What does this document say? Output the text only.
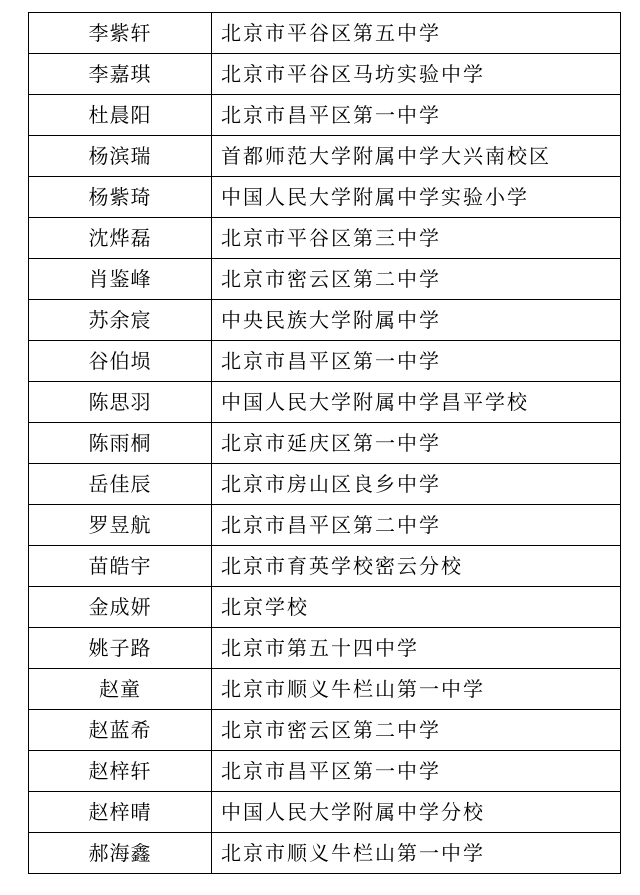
李紫轩	北京市平谷区第五中学
李嘉琪	北京市平谷区马坊实验中学
杜晨阳	北京市昌平区第一中学
杨滨瑞	首都师范大学附属中学大兴南校区
杨紫琦	中国人民大学附属中学实验小学
沈烨磊	北京市平谷区第三中学
肖鉴峰	北京市密云区第二中学
苏余宸	中央民族大学附属中学
谷伯埙	北京市昌平区第一中学
陈思羽	中国人民大学附属中学昌平学校
陈雨桐	北京市延庆区第一中学
岳佳辰	北京市房山区良乡中学
罗昱航	北京市昌平区第二中学
苗皓宇	北京市育英学校密云分校
金成妍	北京学校
姚子路	北京市第五十四中学
赵童	北京市顺义牛栏山第一中学
赵蓝希	北京市密云区第二中学
赵梓轩	北京市昌平区第一中学
赵梓晴	中国人民大学附属中学分校
郝海鑫	北京市顺义牛栏山第一中学
